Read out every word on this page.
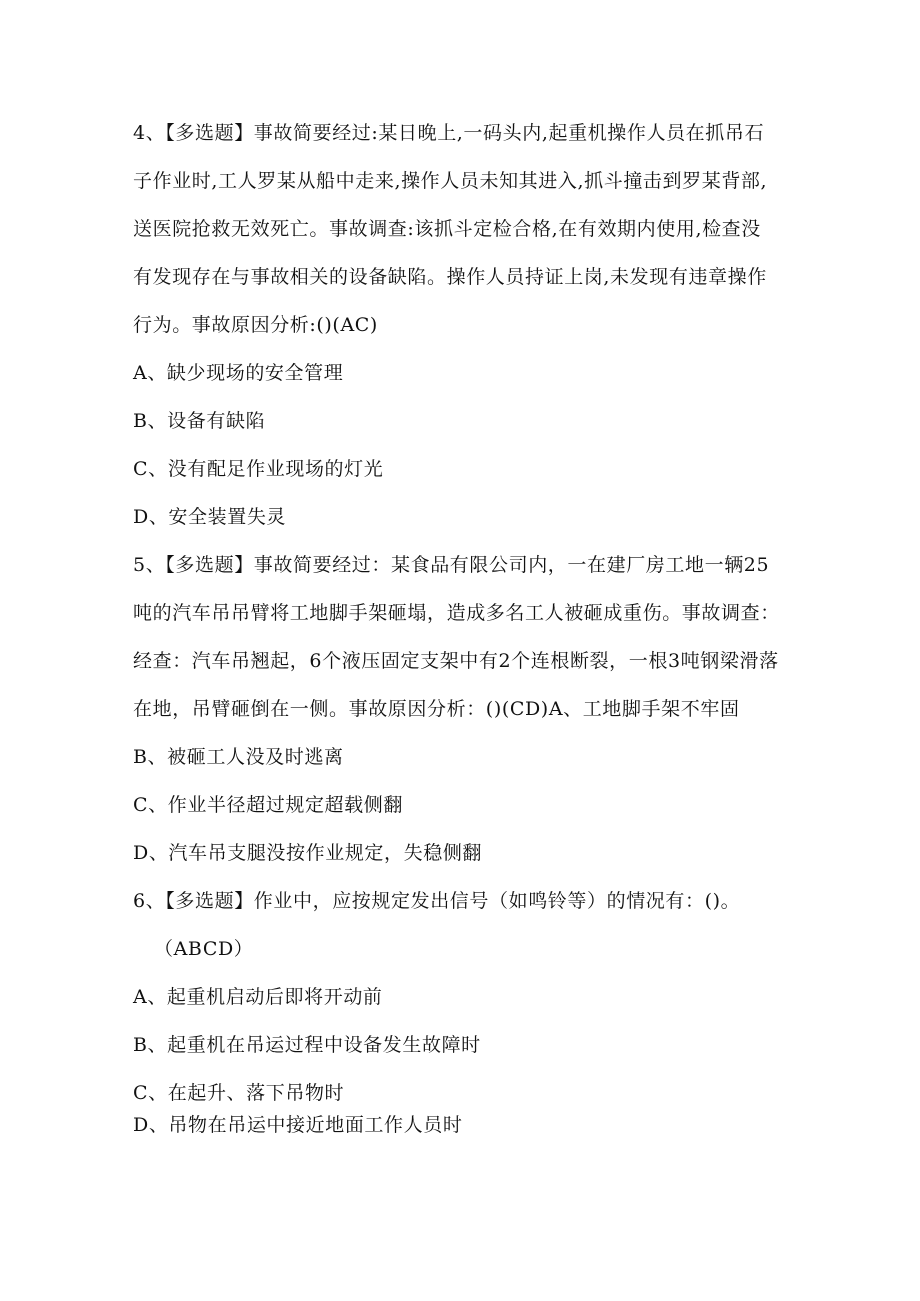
4、【多选题】事故简要经过:某日晚上,一码头内,起重机操作人员在抓吊石
子作业时,工人罗某从船中走来,操作人员未知其进入,抓斗撞击到罗某背部,
送医院抢救无效死亡。事故调查:该抓斗定检合格,在有效期内使用,检查没
有发现存在与事故相关的设备缺陷。操作人员持证上岗,未发现有违章操作
行为。事故原因分析:()(AC)
A、缺少现场的安全管理
B、设备有缺陷
C、没有配足作业现场的灯光
D、安全装置失灵
5、【多选题】事故简要经过：某食品有限公司内，一在建厂房工地一辆25
吨的汽车吊吊臂将工地脚手架砸塌，造成多名工人被砸成重伤。事故调查：
经查：汽车吊翘起，6个液压固定支架中有2个连根断裂，一根3吨钢梁滑落
在地，吊臂砸倒在一侧。事故原因分析：()(CD)A、工地脚手架不牢固
B、被砸工人没及时逃离
C、作业半径超过规定超载侧翻
D、汽车吊支腿没按作业规定，失稳侧翻
6、【多选题】作业中，应按规定发出信号（如鸣铃等）的情况有：()。
（ABCD）
A、起重机启动后即将开动前
B、起重机在吊运过程中设备发生故障时
C、在起升、落下吊物时
D、吊物在吊运中接近地面工作人员时
